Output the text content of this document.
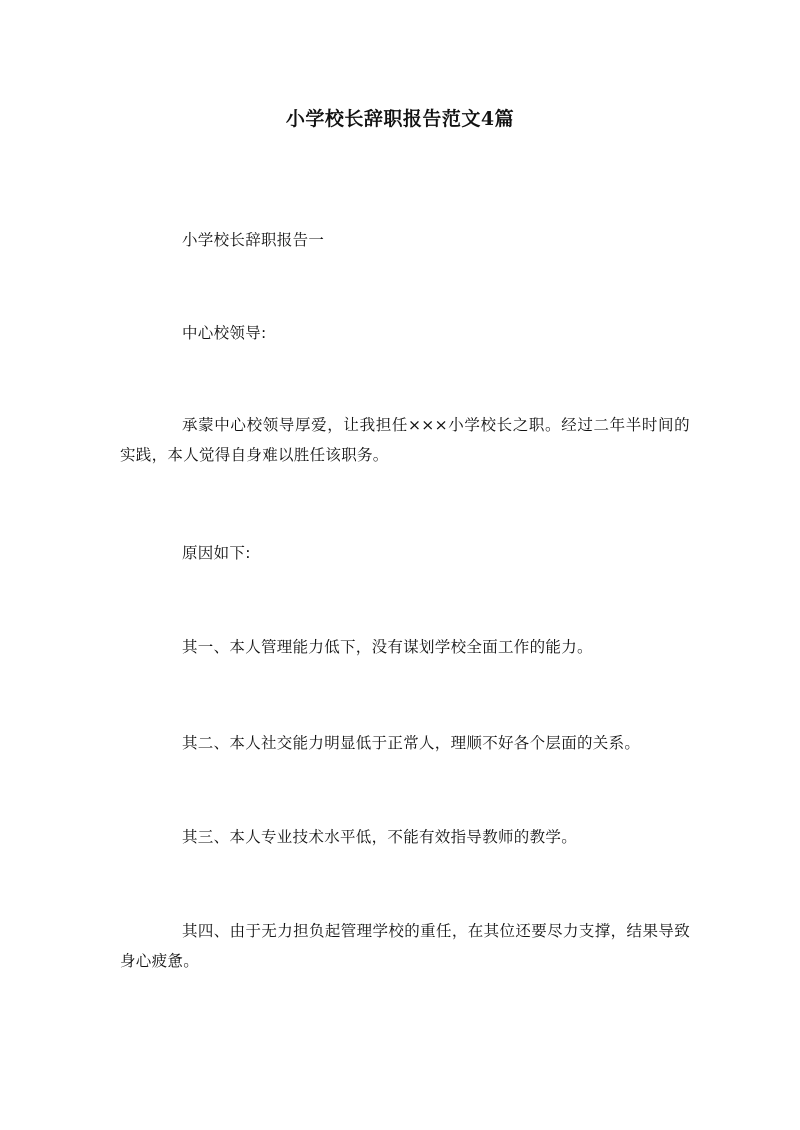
小学校长辞职报告范文4篇
小学校长辞职报告一
中心校领导:
承蒙中心校领导厚爱，让我担任×××小学校长之职。经过二年半时间的实践，本人觉得自身难以胜任该职务。
原因如下:
其一、本人管理能力低下，没有谋划学校全面工作的能力。
其二、本人社交能力明显低于正常人，理顺不好各个层面的关系。
其三、本人专业技术水平低，不能有效指导教师的教学。
其四、由于无力担负起管理学校的重任，在其位还要尽力支撑，结果导致身心疲惫。
